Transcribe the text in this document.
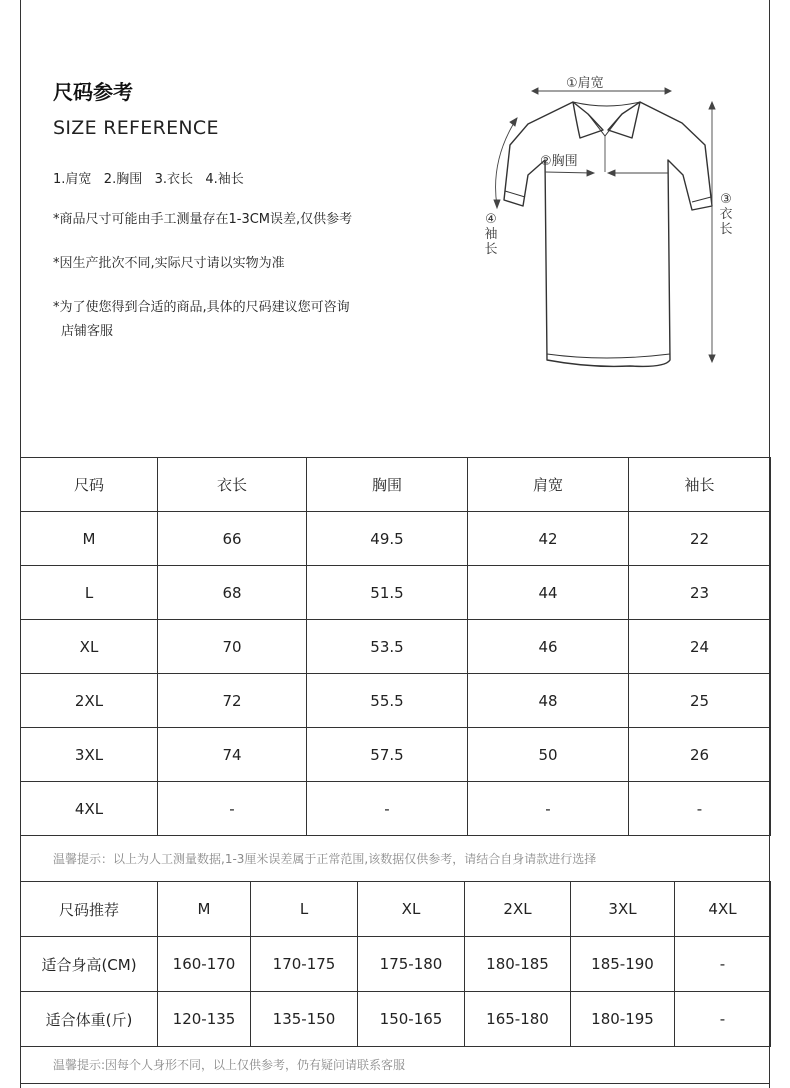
尺码参考
SIZE REFERENCE
1.肩宽   2.胸围   3.衣长   4.袖长
*商品尺寸可能由手工测量存在1-3CM误差,仅供参考
*因生产批次不同,实际尺寸请以实物为准
*为了使您得到合适的商品,具体的尺码建议您可咨询
店铺客服
①肩宽
②胸围
③
衣
长
④
袖
长
尺码	衣长	胸围	肩宽	袖长
M	66	49.5	42	22
L	68	51.5	44	23
XL	70	53.5	46	24
2XL	72	55.5	48	25
3XL	74	57.5	50	26
4XL	-	-	-	-
温馨提示：以上为人工测量数据,1-3厘米误差属于正常范围,该数据仅供参考，请结合自身请款进行选择
尺码推荐	M	L	XL	2XL	3XL	4XL
适合身高(CM)	160-170	170-175	175-180	180-185	185-190	-
适合体重(斤)	120-135	135-150	150-165	165-180	180-195	-
温馨提示:因每个人身形不同，以上仅供参考，仍有疑问请联系客服
